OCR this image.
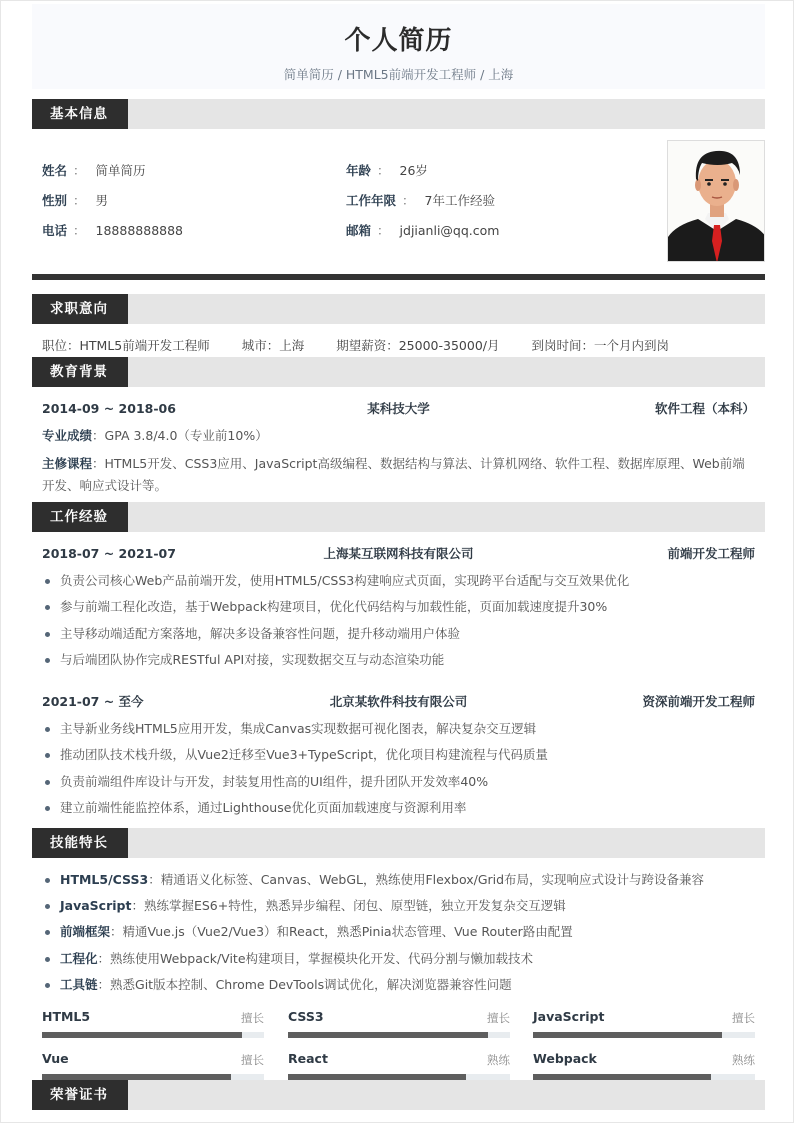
个人简历
简单简历 / HTML5前端开发工程师 / 上海
基本信息
姓名 ： 简单简历	年龄 ： 26岁
性别 ： 男	工作年限 ： 7年工作经验
电话 ： 18888888888	邮箱 ： jdjianli@qq.com
求职意向
职位：HTML5前端开发工程师	城市：上海	期望薪资：25000-35000/月	到岗时间：一个月内到岗
教育背景
2014-09 ~ 2018-06	某科技大学	软件工程（本科）
专业成绩：GPA 3.8/4.0（专业前10%）
主修课程：HTML5开发、CSS3应用、JavaScript高级编程、数据结构与算法、计算机网络、软件工程、数据库原理、Web前端开发、响应式设计等。
工作经验
2018-07 ~ 2021-07	上海某互联网科技有限公司	前端开发工程师
负责公司核心Web产品前端开发，使用HTML5/CSS3构建响应式页面，实现跨平台适配与交互效果优化
参与前端工程化改造，基于Webpack构建项目，优化代码结构与加载性能，页面加载速度提升30%
主导移动端适配方案落地，解决多设备兼容性问题，提升移动端用户体验
与后端团队协作完成RESTful API对接，实现数据交互与动态渲染功能
2021-07 ~ 至今	北京某软件科技有限公司	资深前端开发工程师
主导新业务线HTML5应用开发，集成Canvas实现数据可视化图表，解决复杂交互逻辑
推动团队技术栈升级，从Vue2迁移至Vue3+TypeScript，优化项目构建流程与代码质量
负责前端组件库设计与开发，封装复用性高的UI组件，提升团队开发效率40%
建立前端性能监控体系，通过Lighthouse优化页面加载速度与资源利用率
技能特长
HTML5/CSS3：精通语义化标签、Canvas、WebGL，熟练使用Flexbox/Grid布局，实现响应式设计与跨设备兼容
JavaScript：熟练掌握ES6+特性，熟悉异步编程、闭包、原型链，独立开发复杂交互逻辑
前端框架：精通Vue.js（Vue2/Vue3）和React，熟悉Pinia状态管理、Vue Router路由配置
工程化：熟练使用Webpack/Vite构建项目，掌握模块化开发、代码分割与懒加载技术
工具链：熟悉Git版本控制、Chrome DevTools调试优化，解决浏览器兼容性问题
HTML5	擅长 CSS3	擅长 JavaScript	擅长
Vue	擅长 React	熟练 Webpack	熟练
荣誉证书
